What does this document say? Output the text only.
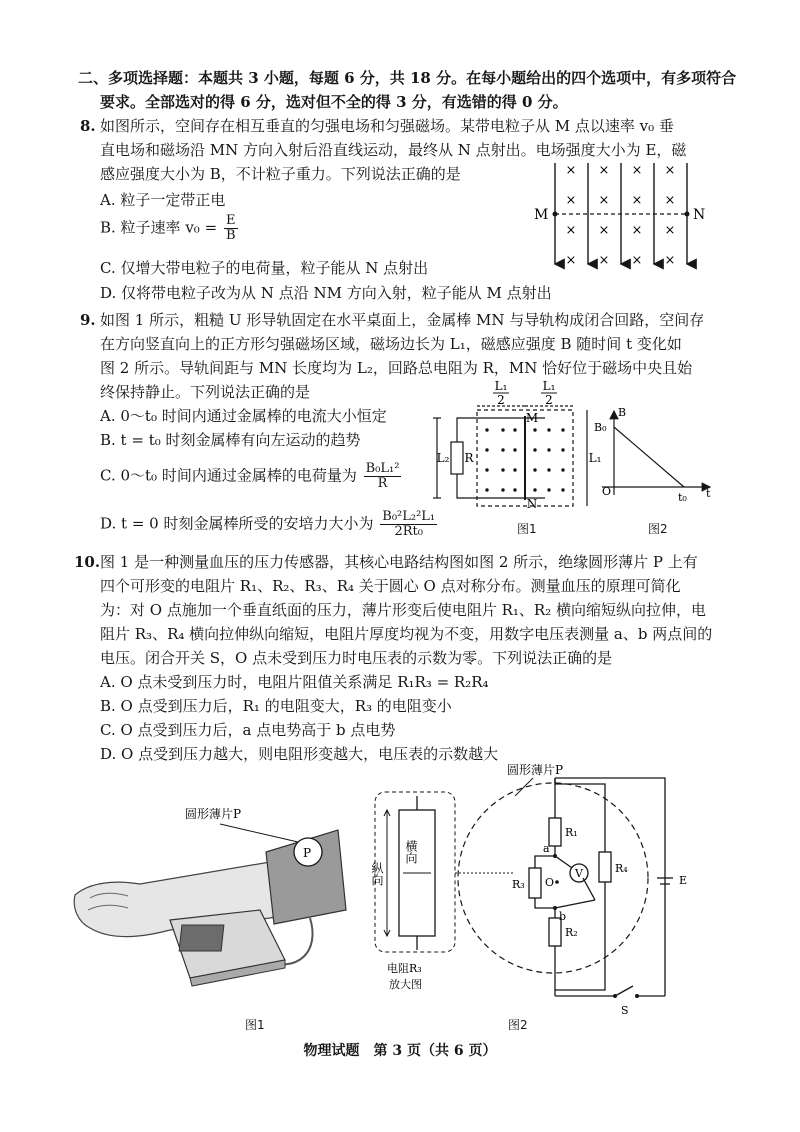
二、多项选择题：本题共 3 小题，每题 6 分，共 18 分。在每小题给出的四个选项中，有多项符合
要求。全部选对的得 6 分，选对但不全的得 3 分，有选错的得 0 分。
8. 如图所示，空间存在相互垂直的匀强电场和匀强磁场。某带电粒子从 M 点以速率 v₀ 垂
直电场和磁场沿 MN 方向入射后沿直线运动，最终从 N 点射出。电场强度大小为 E，磁
感应强度大小为 B，不计粒子重力。下列说法正确的是
A. 粒子一定带正电
B. 粒子速率 $v_0 = \frac{E}{B}$
C. 仅增大带电粒子的电荷量，粒子能从 N 点射出
D. 仅将带电粒子改为从 N 点沿 NM 方向入射，粒子能从 M 点射出
M	N
× × × ×
× × × ×
× × × ×
× × × ×
9. 如图 1 所示，粗糙 U 形导轨固定在水平桌面上，金属棒 MN 与导轨构成闭合回路，空间存
在方向竖直向上的正方形匀强磁场区域，磁场边长为 L₁，磁感应强度 B 随时间 t 变化如
图 2 所示。导轨间距与 MN 长度均为 L₂，回路总电阻为 R，MN 恰好位于磁场中央且始
终保持静止。下列说法正确的是
A. 0～t₀ 时间内通过金属棒的电流大小恒定
B. t = t₀ 时刻金属棒有向左运动的趋势
C. 0～t₀ 时间内通过金属棒的电荷量为 $\frac{\text{B₀L₁²}}{R}$
D. t = 0 时刻金属棒所受的安培力大小为 $\frac{\text{B₀²L₂²L₁}}{\text{2Rt₀}}$
L₁
2
L₁
2
L₂ R	L₁
M
N
图1
B
B₀
O	t₀ t
图2
10. 图 1 是一种测量血压的压力传感器，其核心电路结构图如图 2 所示，绝缘圆形薄片 P 上有
四个可形变的电阻片 R₁、R₂、R₃、R₄ 关于圆心 O 点对称分布。测量血压的原理可简化
为：对 O 点施加一个垂直纸面的压力，薄片形变后使电阻片 R₁、R₂ 横向缩短纵向拉伸，电
阻片 R₃、R₄ 横向拉伸纵向缩短，电阻片厚度均视为不变，用数字电压表测量 a、b 两点间的
电压。闭合开关 S，O 点未受到压力时电压表的示数为零。下列说法正确的是
A. O 点未受到压力时，电阻片阻值关系满足 R₁R₃ = R₂R₄
B. O 点受到压力后，R₁ 的电阻变大，R₃ 的电阻变小
C. O 点受到压力后，a 点电势高于 b 点电势
D. O 点受到压力越大，则电阻形变越大，电压表的示数越大
圆形薄片P
P
图1
圆形薄片P
纵向
横向
电阻R₃
放大图
R₁
R₂
R₃
R₄
a
b
O
V
E
S
图2
物理试题　第 3 页（共 6 页）
